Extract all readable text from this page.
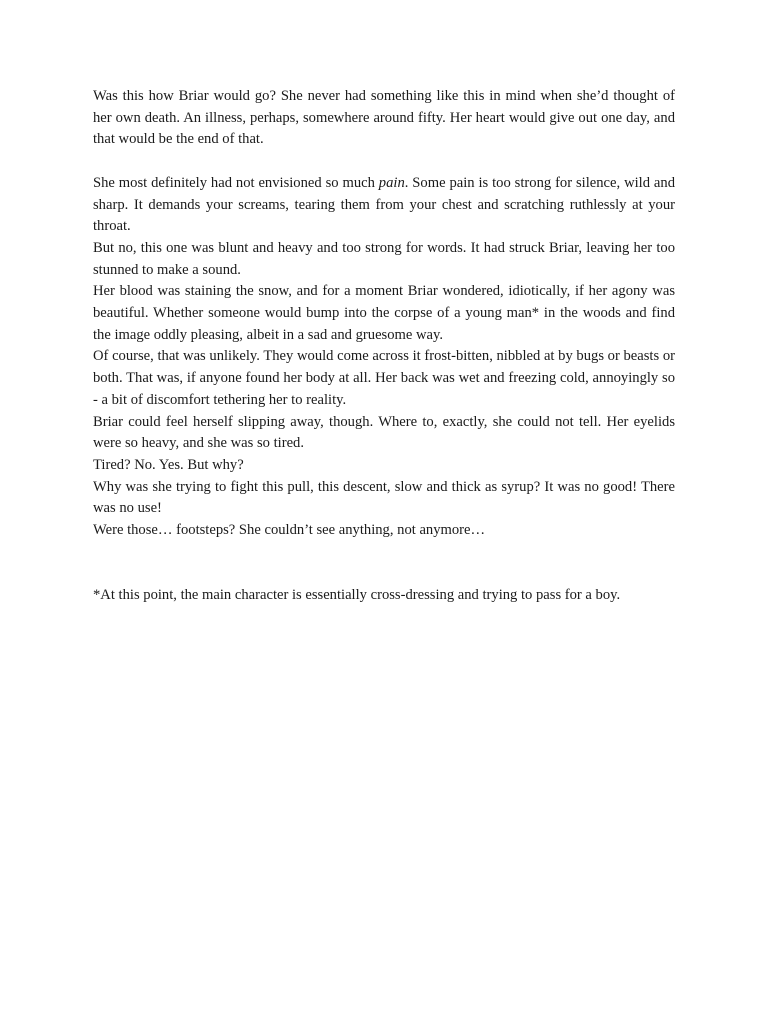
Was this how Briar would go? She never had something like this in mind when she’d thought of her own death. An illness, perhaps, somewhere around fifty. Her heart would give out one day, and that would be the end of that.

She most definitely had not envisioned so much pain. Some pain is too strong for silence, wild and sharp. It demands your screams, tearing them from your chest and scratching ruthlessly at your throat.

But no, this one was blunt and heavy and too strong for words. It had struck Briar, leaving her too stunned to make a sound.

Her blood was staining the snow, and for a moment Briar wondered, idiotically, if her agony was beautiful. Whether someone would bump into the corpse of a young man* in the woods and find the image oddly pleasing, albeit in a sad and gruesome way.

Of course, that was unlikely. They would come across it frost-bitten, nibbled at by bugs or beasts or both. That was, if anyone found her body at all. Her back was wet and freezing cold, annoyingly so - a bit of discomfort tethering her to reality.

Briar could feel herself slipping away, though. Where to, exactly, she could not tell. Her eyelids were so heavy, and she was so tired.

Tired? No. Yes. But why?

Why was she trying to fight this pull, this descent, slow and thick as syrup? It was no good! There was no use!

Were those… footsteps? She couldn’t see anything, not anymore…

*At this point, the main character is essentially cross-dressing and trying to pass for a boy.
